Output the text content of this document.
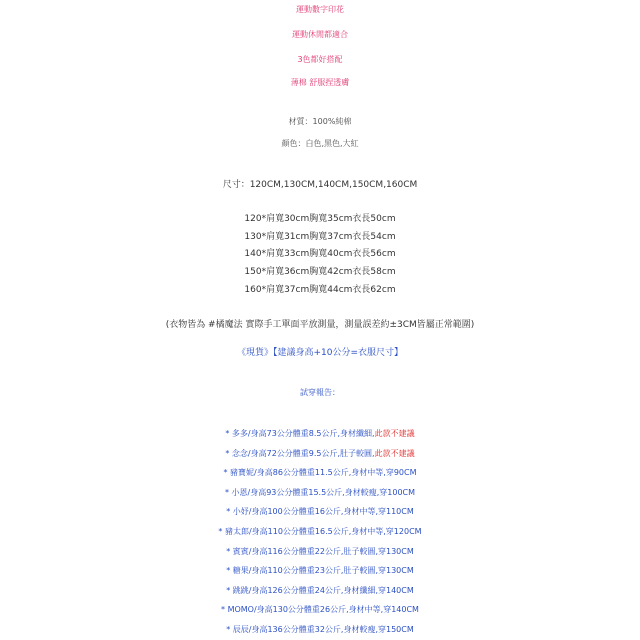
運動數字印花
運動休閒都適合
3色都好搭配
薄棉 舒服捏透膚
材質：100%純棉
顏色：白色,黑色,大紅
尺寸：120CM,130CM,140CM,150CM,160CM
120*肩寬30cm胸寬35cm衣長50cm
130*肩寬31cm胸寬37cm衣長54cm
140*肩寬33cm胸寬40cm衣長56cm
150*肩寬36cm胸寬42cm衣長58cm
160*肩寬37cm胸寬44cm衣長62cm
(衣物皆為 #橘魔法 實際手工單面平放測量，測量誤差約±3CM皆屬正常範圍)
《現貨》【建議身高+10公分=衣服尺寸】
試穿報告：
* 多多/身高73公分體重8.5公斤,身材纖細,此款不建議
* 念念/身高72公分體重9.5公斤,肚子較圓,此款不建議
* 豬寶妮/身高86公分體重11.5公斤,身材中等,穿90CM
* 小恩/身高93公分體重15.5公斤,身材較瘦,穿100CM
* 小妤/身高100公分體重16公斤,身材中等,穿110CM
* 豬太郎/身高110公分體重16.5公斤,身材中等,穿120CM
* 賓賓/身高116公分體重22公斤,肚子較圓,穿130CM
* 糖果/身高110公分體重23公斤,肚子較圓,穿130CM
* 跳跳/身高126公分體重24公斤,身材纖細,穿140CM
* MOMO/身高130公分體重26公斤,身材中等,穿140CM
* 辰辰/身高136公分體重32公斤,身材較瘦,穿150CM
